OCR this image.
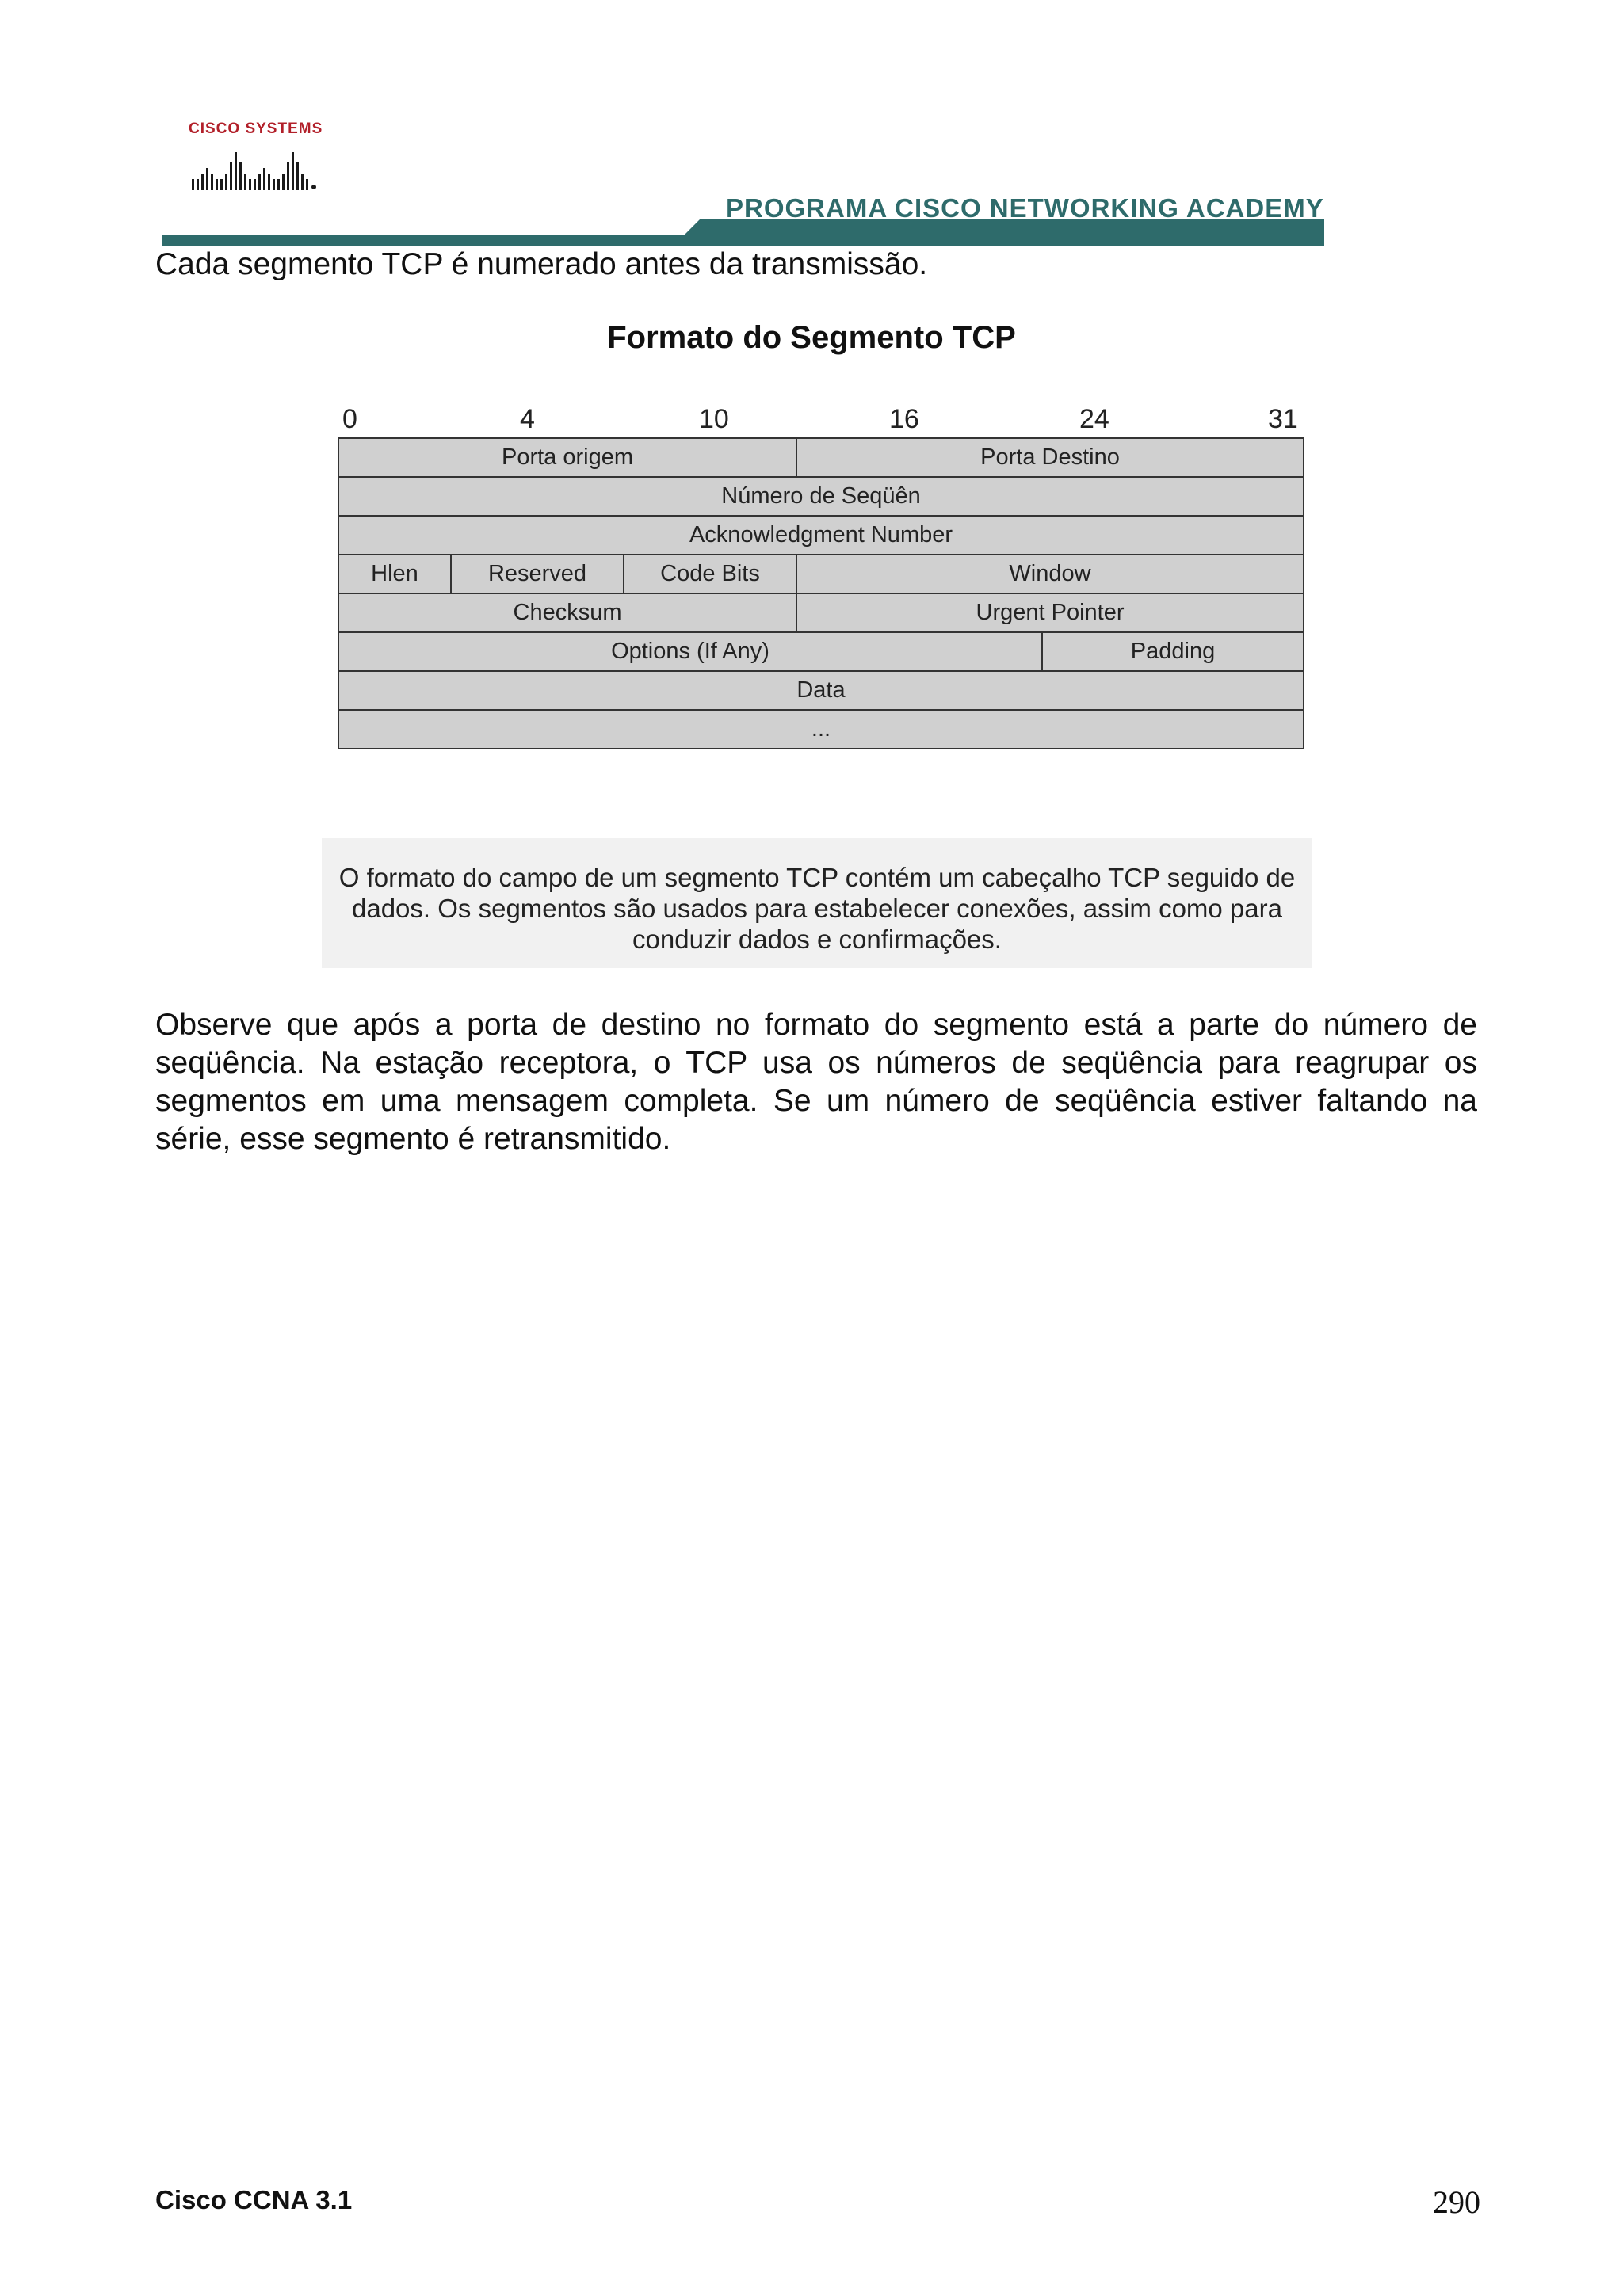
CISCO SYSTEMS
PROGRAMA CISCO NETWORKING ACADEMY

Cada segmento TCP é numerado antes da transmissão.

Formato do Segmento TCP

0	4	10	16	24	31
Porta origem	Porta Destino
Número de Seqüên
Acknowledgment Number
Hlen	Reserved	Code Bits	Window
Checksum	Urgent Pointer
Options (If Any)	Padding
Data
...

O formato do campo de um segmento TCP contém um cabeçalho TCP seguido de dados. Os segmentos são usados para estabelecer conexões, assim como para conduzir dados e confirmações.

Observe que após a porta de destino no formato do segmento está a parte do número de seqüência. Na estação receptora, o TCP usa os números de seqüência para reagrupar os segmentos em uma mensagem completa. Se um número de seqüência estiver faltando na série, esse segmento é retransmitido.

Cisco CCNA 3.1	290
